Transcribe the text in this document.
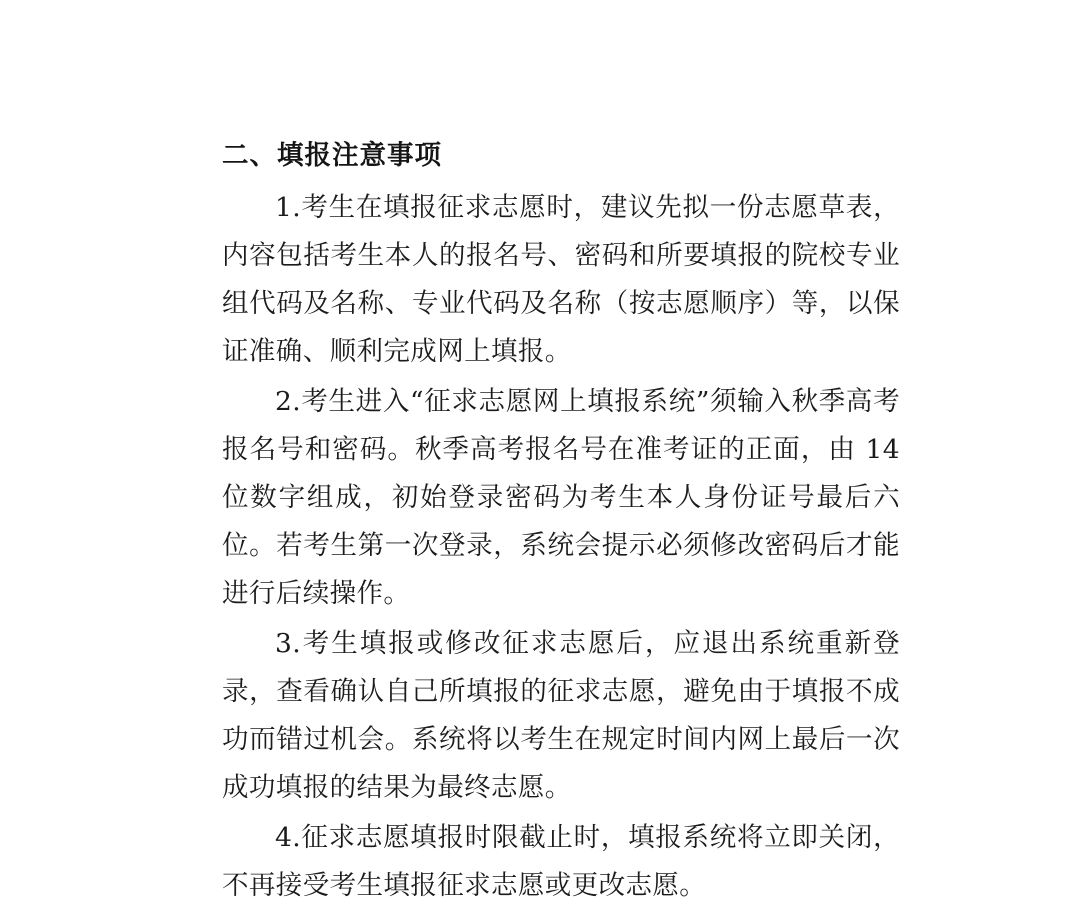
二、填报注意事项

1.考生在填报征求志愿时，建议先拟一份志愿草表，内容包括考生本人的报名号、密码和所要填报的院校专业组代码及名称、专业代码及名称（按志愿顺序）等，以保证准确、顺利完成网上填报。

2.考生进入“征求志愿网上填报系统”须输入秋季高考报名号和密码。秋季高考报名号在准考证的正面，由 14 位数字组成，初始登录密码为考生本人身份证号最后六位。若考生第一次登录，系统会提示必须修改密码后才能进行后续操作。

3.考生填报或修改征求志愿后，应退出系统重新登录，查看确认自己所填报的征求志愿，避免由于填报不成功而错过机会。系统将以考生在规定时间内网上最后一次成功填报的结果为最终志愿。

4.征求志愿填报时限截止时，填报系统将立即关闭，不再接受考生填报征求志愿或更改志愿。
